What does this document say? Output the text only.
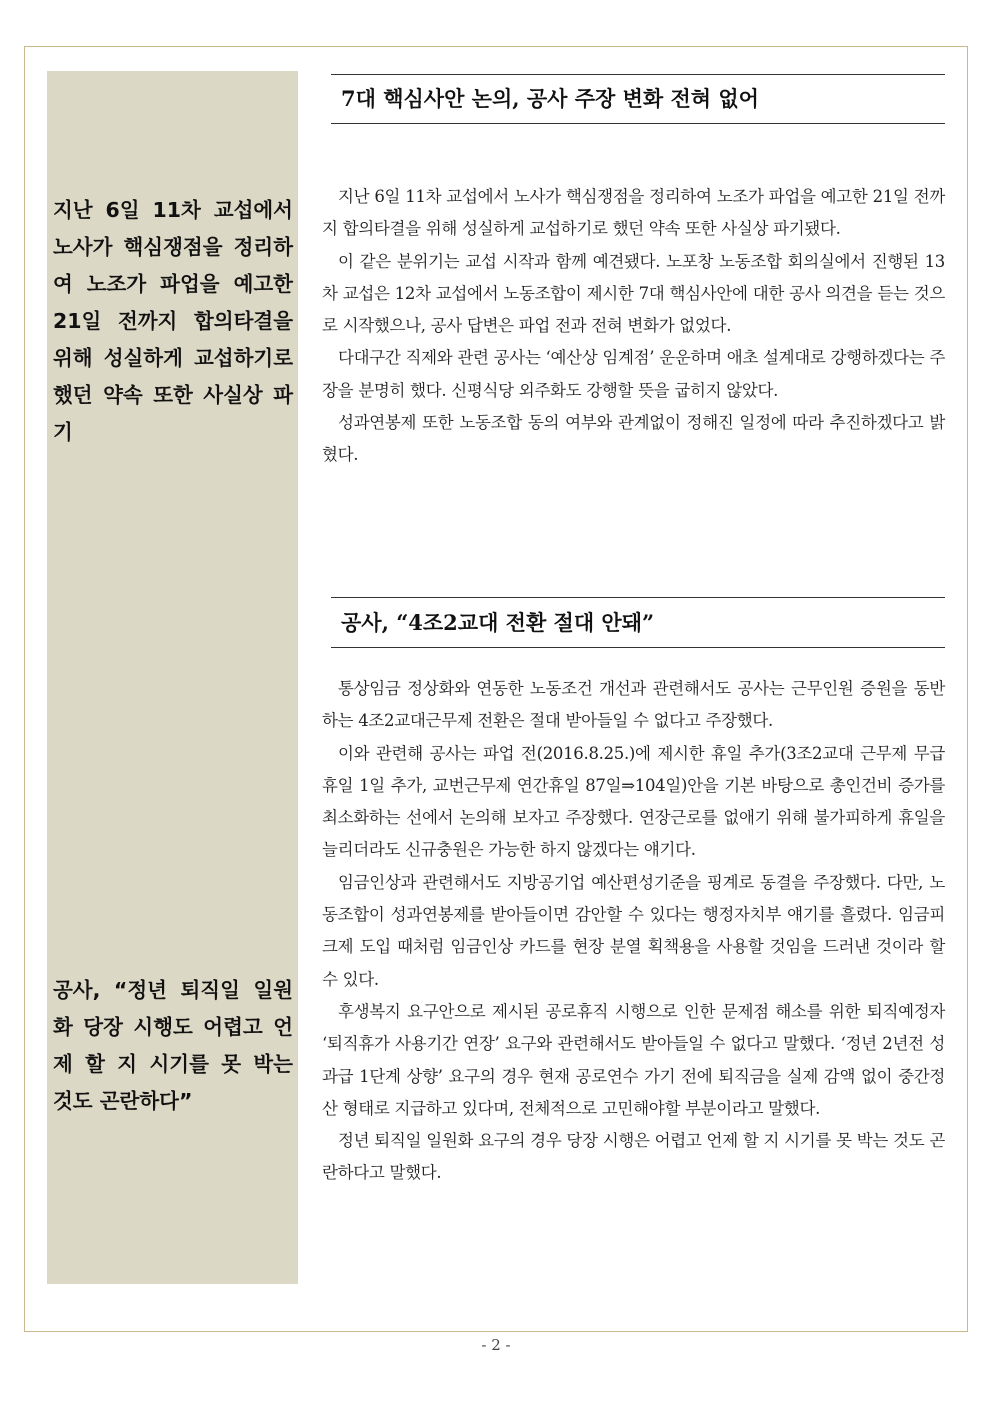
지난 6일 11차 교섭에서 노사가 핵심쟁점을 정리하여 노조가 파업을 예고한 21일 전까지 합의타결을 위해 성실하게 교섭하기로 했던 약속 또한 사실상 파기
공사, “정년 퇴직일 일원화 당장 시행도 어렵고 언제 할 지 시기를 못 박는 것도 곤란하다”
7대 핵심사안 논의, 공사 주장 변화 전혀 없어

지난 6일 11차 교섭에서 노사가 핵심쟁점을 정리하여 노조가 파업을 예고한 21일 전까지 합의타결을 위해 성실하게 교섭하기로 했던 약속 또한 사실상 파기됐다.

이 같은 분위기는 교섭 시작과 함께 예견됐다. 노포창 노동조합 회의실에서 진행된 13차 교섭은 12차 교섭에서 노동조합이 제시한 7대 핵심사안에 대한 공사 의견을 듣는 것으로 시작했으나, 공사 답변은 파업 전과 전혀 변화가 없었다.

다대구간 직제와 관련 공사는 ‘예산상 임계점’ 운운하며 애초 설계대로 강행하겠다는 주장을 분명히 했다. 신평식당 외주화도 강행할 뜻을 굽히지 않았다.

성과연봉제 또한 노동조합 동의 여부와 관계없이 정해진 일정에 따라 추진하겠다고 밝혔다.

공사, “4조2교대 전환 절대 안돼”

통상임금 정상화와 연동한 노동조건 개선과 관련해서도 공사는 근무인원 증원을 동반하는 4조2교대근무제 전환은 절대 받아들일 수 없다고 주장했다.

이와 관련해 공사는 파업 전(2016.8.25.)에 제시한 휴일 추가(3조2교대 근무제 무급휴일 1일 추가, 교번근무제 연간휴일 87일⇒104일)안을 기본 바탕으로 총인건비 증가를 최소화하는 선에서 논의해 보자고 주장했다. 연장근로를 없애기 위해 불가피하게 휴일을 늘리더라도 신규충원은 가능한 하지 않겠다는 얘기다.

임금인상과 관련해서도 지방공기업 예산편성기준을 핑계로 동결을 주장했다. 다만, 노동조합이 성과연봉제를 받아들이면 감안할 수 있다는 행정자치부 얘기를 흘렸다. 임금피크제 도입 때처럼 임금인상 카드를 현장 분열 획책용을 사용할 것임을 드러낸 것이라 할 수 있다.

후생복지 요구안으로 제시된 공로휴직 시행으로 인한 문제점 해소를 위한 퇴직예정자 ‘퇴직휴가 사용기간 연장’ 요구와 관련해서도 받아들일 수 없다고 말했다. ‘정년 2년전 성과급 1단계 상향’ 요구의 경우 현재 공로연수 가기 전에 퇴직금을 실제 감액 없이 중간정산 형태로 지급하고 있다며, 전체적으로 고민해야할 부분이라고 말했다.

정년 퇴직일 일원화 요구의 경우 당장 시행은 어렵고 언제 할 지 시기를 못 박는 것도 곤란하다고 말했다.

- 2 -
